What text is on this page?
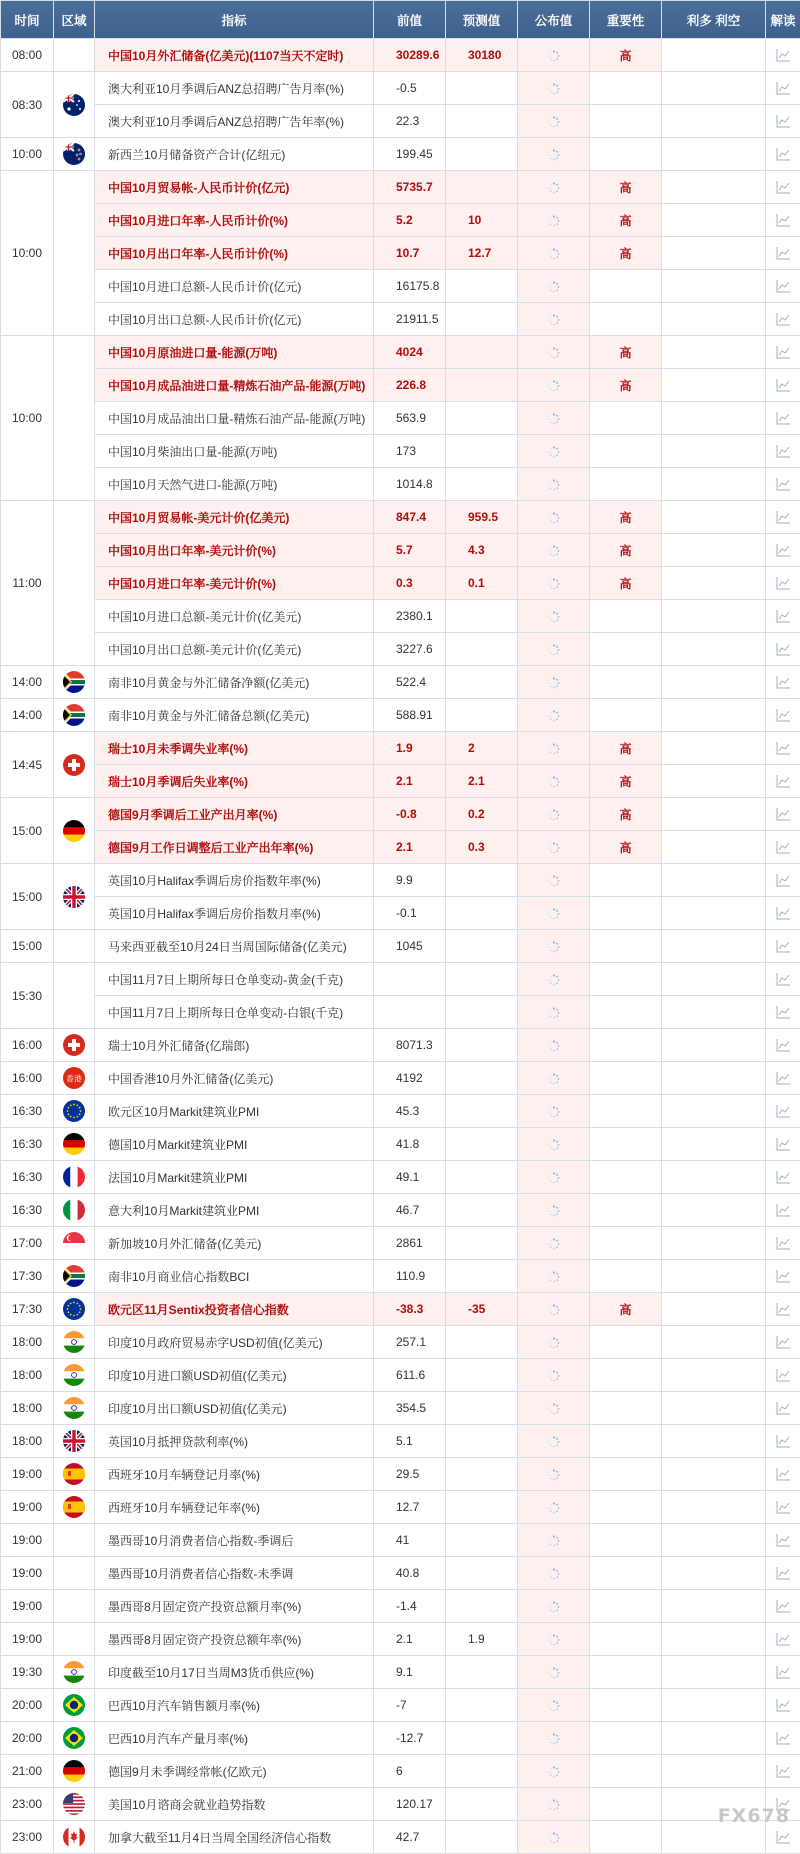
时间	区域	指标	前值	预测值	公布值	重要性	利多 利空	解读
08:00		中国10月外汇储备(亿美元)(1107当天不定时)	30289.6	30180		高		
08:30		澳大利亚10月季调后ANZ总招聘广告月率(%)	-0.5					
		澳大利亚10月季调后ANZ总招聘广告年率(%)	22.3					
10:00		新西兰10月储备资产合计(亿纽元)	199.45					
10:00		中国10月贸易帐-人民币计价(亿元)	5735.7			高		
		中国10月进口年率-人民币计价(%)	5.2	10		高		
		中国10月出口年率-人民币计价(%)	10.7	12.7		高		
		中国10月进口总额-人民币计价(亿元)	16175.8					
		中国10月出口总额-人民币计价(亿元)	21911.5					
10:00		中国10月原油进口量-能源(万吨)	4024			高		
		中国10月成品油进口量-精炼石油产品-能源(万吨)	226.8			高		
		中国10月成品油出口量-精炼石油产品-能源(万吨)	563.9					
		中国10月柴油出口量-能源(万吨)	173					
		中国10月天然气进口-能源(万吨)	1014.8					
11:00		中国10月贸易帐-美元计价(亿美元)	847.4	959.5		高		
		中国10月出口年率-美元计价(%)	5.7	4.3		高		
		中国10月进口年率-美元计价(%)	0.3	0.1		高		
		中国10月进口总额-美元计价(亿美元)	2380.1					
		中国10月出口总额-美元计价(亿美元)	3227.6					
14:00		南非10月黄金与外汇储备净额(亿美元)	522.4					
14:00		南非10月黄金与外汇储备总额(亿美元)	588.91					
14:45		瑞士10月未季调失业率(%)	1.9	2		高		
		瑞士10月季调后失业率(%)	2.1	2.1		高		
15:00		德国9月季调后工业产出月率(%)	-0.8	0.2		高		
		德国9月工作日调整后工业产出年率(%)	2.1	0.3		高		
15:00		英国10月Halifax季调后房价指数年率(%)	9.9					
		英国10月Halifax季调后房价指数月率(%)	-0.1					
15:00		马来西亚截至10月24日当周国际储备(亿美元)	1045					
15:30		中国11月7日上期所每日仓单变动-黄金(千克)						
		中国11月7日上期所每日仓单变动-白银(千克)						
16:00		瑞士10月外汇储备(亿瑞郎)	8071.3					
16:00	香港	中国香港10月外汇储备(亿美元)	4192					
16:30		欧元区10月Markit建筑业PMI	45.3					
16:30		德国10月Markit建筑业PMI	41.8					
16:30		法国10月Markit建筑业PMI	49.1					
16:30		意大利10月Markit建筑业PMI	46.7					
17:00		新加坡10月外汇储备(亿美元)	2861					
17:30		南非10月商业信心指数BCI	110.9					
17:30		欧元区11月Sentix投资者信心指数	-38.3	-35		高		
18:00		印度10月政府贸易赤字USD初值(亿美元)	257.1					
18:00		印度10月进口额USD初值(亿美元)	611.6					
18:00		印度10月出口额USD初值(亿美元)	354.5					
18:00		英国10月抵押贷款利率(%)	5.1					
19:00		西班牙10月车辆登记月率(%)	29.5					
19:00		西班牙10月车辆登记年率(%)	12.7					
19:00		墨西哥10月消费者信心指数-季调后	41					
19:00		墨西哥10月消费者信心指数-未季调	40.8					
19:00		墨西哥8月固定资产投资总额月率(%)	-1.4					
19:00		墨西哥8月固定资产投资总额年率(%)	2.1	1.9				
19:30		印度截至10月17日当周M3货币供应(%)	9.1					
20:00		巴西10月汽车销售额月率(%)	-7					
20:00		巴西10月汽车产量月率(%)	-12.7					
21:00		德国9月未季调经常帐(亿欧元)	6					
23:00		美国10月谘商会就业趋势指数	120.17					
23:00		加拿大截至11月4日当周全国经济信心指数	42.7					
FX678
